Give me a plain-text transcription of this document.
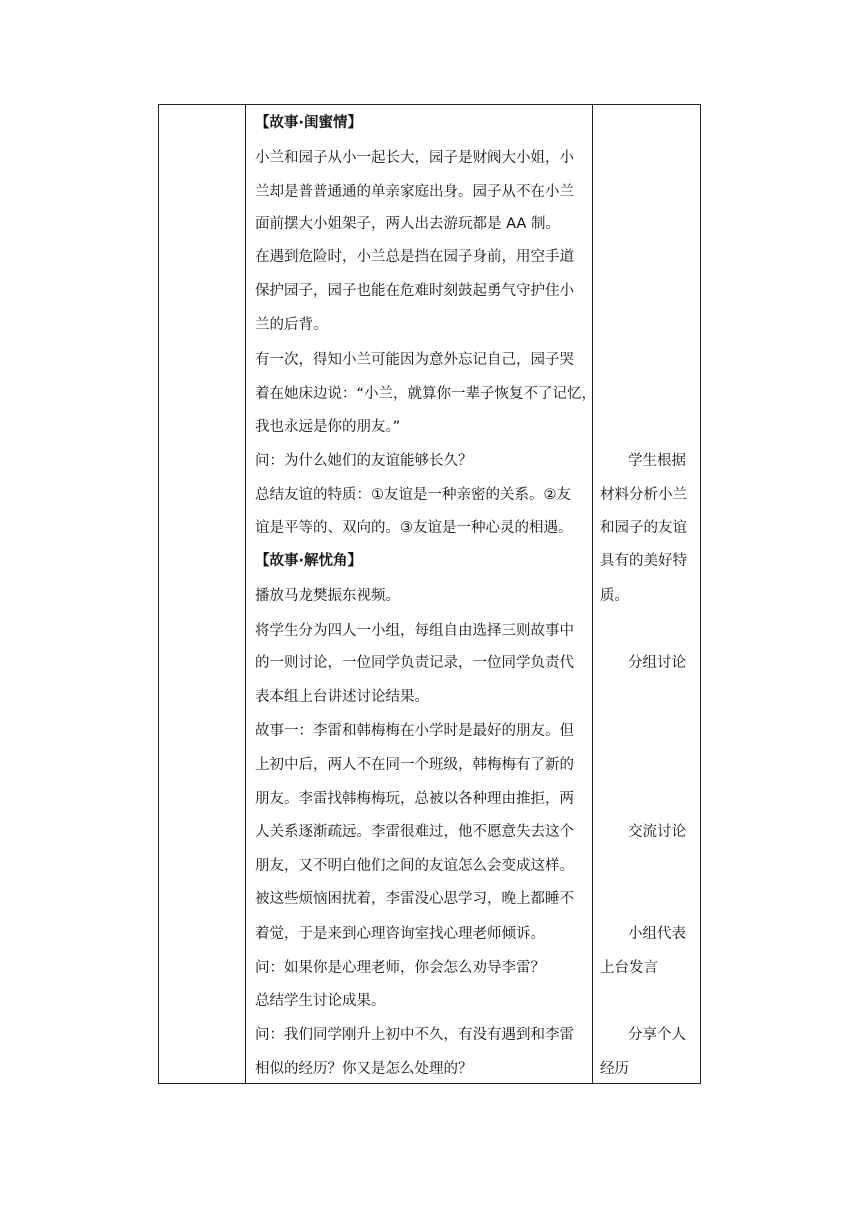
【故事·闺蜜情】
小兰和园子从小一起长大，园子是财阀大小姐，小
兰却是普普通通的单亲家庭出身。园子从不在小兰
面前摆大小姐架子，两人出去游玩都是 AA 制。
在遇到危险时，小兰总是挡在园子身前，用空手道
保护园子，园子也能在危难时刻鼓起勇气守护住小
兰的后背。
有一次，得知小兰可能因为意外忘记自己，园子哭
着在她床边说：“小兰，就算你一辈子恢复不了记忆，
我也永远是你的朋友。”
问：为什么她们的友谊能够长久？
总结友谊的特质：①友谊是一种亲密的关系。②友
谊是平等的、双向的。③友谊是一种心灵的相遇。
【故事·解忧角】
播放马龙樊振东视频。
将学生分为四人一小组，每组自由选择三则故事中
的一则讨论，一位同学负责记录，一位同学负责代
表本组上台讲述讨论结果。
故事一：李雷和韩梅梅在小学时是最好的朋友。但
上初中后，两人不在同一个班级，韩梅梅有了新的
朋友。李雷找韩梅梅玩，总被以各种理由推拒，两
人关系逐渐疏远。李雷很难过，他不愿意失去这个
朋友，又不明白他们之间的友谊怎么会变成这样。
被这些烦恼困扰着，李雷没心思学习，晚上都睡不
着觉，于是来到心理咨询室找心理老师倾诉。
问：如果你是心理老师，你会怎么劝导李雷？
总结学生讨论成果。
问：我们同学刚升上初中不久，有没有遇到和李雷
相似的经历？你又是怎么处理的？
学生根据
材料分析小兰
和园子的友谊
具有的美好特
质。
分组讨论
交流讨论
小组代表
上台发言
分享个人
经历
